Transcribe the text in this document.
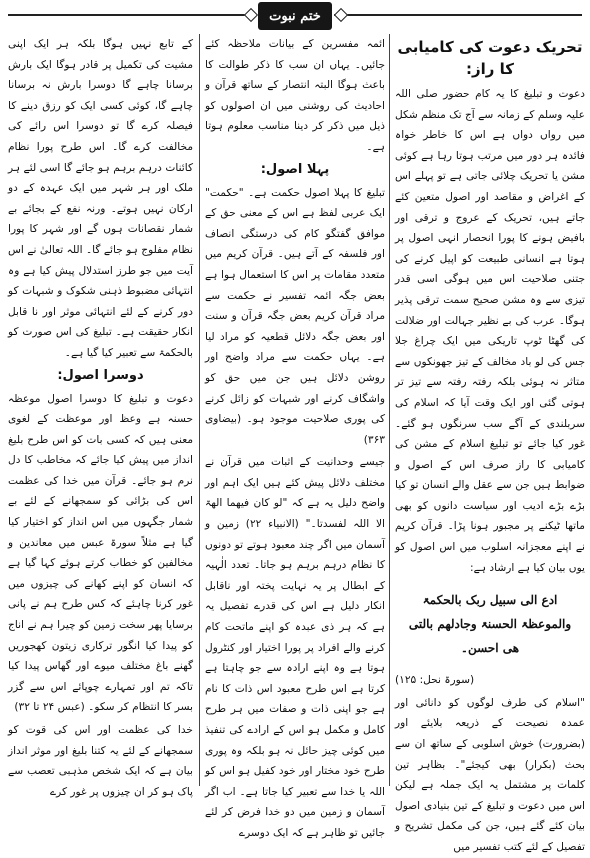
ختم نبوت
تحریک دعوت کی کامیابی کا راز:

دعوت و تبلیغ کا یہ کام حضور صلی اللہ علیہ وسلم کے زمانہ سے آج تک منظم شکل میں رواں دواں ہے اس کا خاطر خواہ فائدہ ہر دور میں مرتب ہوتا رہا ہے کوئی مشن یا تحریک چلائی جاتی ہے تو پہلے اس کے اغراض و مقاصد اور اصول متعین کئے جاتے ہیں، تحریک کے عروج و ترقی اور بافیض ہونے کا پورا انحصار انہی اصول پر ہوتا ہے انسانی طبیعت کو اپیل کرنے کی جتنی صلاحیت اس میں ہوگی اسی قدر تیزی سے وہ مشن صحیح سمت ترقی پذیر ہوگا۔ عرب کی بے نظیر جہالت اور ضلالت کی گھٹا ٹوپ تاریکی میں ایک چراغ جلا جس کی لو باد مخالف کے تیز جھونکوں سے متاثر نہ ہوئی بلکہ رفتہ رفتہ سے تیز تر ہوتی گئی اور ایک وقت آیا کہ اسلام کی سربلندی کے آگے سب سرنگوں ہو گئے۔ غور کیا جائے تو تبلیغ اسلام کے مشن کی کامیابی کا راز صرف اس کے اصول و ضوابط ہیں جن سے عقل والے انسان تو کیا بڑے بڑے ادیب اور سیاست دانوں کو بھی ماتھا ٹیکنے پر مجبور ہونا پڑا۔ قرآن کریم نے اپنے معجزانہ اسلوب میں اس اصول کو یوں بیان کیا ہے ارشاد ہے:

ادع الی سبیل ربک بالحکمۃ والموعظۃ الحسنۃ وجادلھم بالتی ھی احسن۔

(سورۃ نحل: ۱۲۵)

"اسلام کی طرف لوگوں کو دانائی اور عمدہ نصیحت کے ذریعہ بلایئے اور (بضرورت) خوش اسلوبی کے ساتھ ان سے بحث (بکرار) بھی کیجئے"۔ بظاہر تین کلمات پر مشتمل یہ ایک جملہ ہے لیکن اس میں دعوت و تبلیغ کے تین بنیادی اصول بیان کئے گئے ہیں، جن کی مکمل تشریح و تفصیل کے لئے کتب تفسیر میں

ائمہ مفسرین کے بیانات ملاحظہ کئے جائیں۔ یہاں ان سب کا ذکر طوالت کا باعث ہوگا البتہ انتصار کے ساتھ قرآن و احادیث کی روشنی میں ان اصولوں کو ذیل میں ذکر کر دینا مناسب معلوم ہوتا ہے۔

پہلا اصول:

تبلیغ کا پہلا اصول حکمت ہے۔ "حکمت" ایک عربی لفظ ہے اس کے معنی حق کے موافق گفتگو کام کی درستگی انصاف اور فلسفہ کے آتے ہیں۔ قرآن کریم میں متعدد مقامات پر اس کا استعمال ہوا ہے بعض جگہ ائمہ تفسیر نے حکمت سے مراد قرآن کریم بعض جگہ قرآن و سنت اور بعض جگہ دلائل قطعیہ کو مراد لیا ہے۔ یہاں حکمت سے مراد واضح اور روشن دلائل ہیں جن میں حق کو واشگاف کرنے اور شبہات کو زائل کرنے کی پوری صلاحیت موجود ہو۔ (بیضاوی ۳۶۳)

جیسے وحدانیت کے اثبات میں قرآن نے مختلف دلائل پیش کئے ہیں ایک اہم اور واضح دلیل یہ ہے کہ "لو کان فیھما الھۃ الا اللہ لفسدتا۔" (الانبیاء ۲۲) زمین و آسمان میں اگر چند معبود ہوتے تو دونوں کا نظام درہم برہم ہو جاتا۔ تعدد الٰہیہ کے ابطال پر یہ نہایت پختہ اور ناقابل انکار دلیل ہے اس کی قدرے تفصیل یہ ہے کہ ہر ذی عبدہ کو اپنے ماتحت کام کرنے والے افراد پر پورا اختیار اور کنٹرول ہوتا ہے وہ اپنے ارادہ سے جو چاہتا ہے کرتا ہے اس طرح معبود اس ذات کا نام ہے جو اپنی ذات و صفات میں ہر طرح کامل و مکمل ہو اس کے ارادے کی تنفیذ میں کوئی چیز حائل نہ ہو بلکہ وہ پوری طرح خود مختار اور خود کفیل ہو اس کو اللہ یا خدا سے تعبیر کیا جاتا ہے۔ اب اگر آسمان و زمین میں دو خدا فرض کر لئے جائیں تو ظاہر ہے کہ ایک دوسرے

کے تابع نہیں ہوگا بلکہ ہر ایک اپنی مشیت کی تکمیل پر قادر ہوگا ایک بارش برسانا چاہے گا دوسرا بارش نہ برسانا چاہے گا، کوئی کسی ایک کو رزق دینے کا فیصلہ کرے گا تو دوسرا اس رائے کی مخالفت کرے گا۔ اس طرح پورا نظام کائنات درہم برہم ہو جائے گا اسی لئے ہر ملک اور ہر شہر میں ایک عہدہ کے دو ارکان نہیں ہوتے۔ ورنہ نفع کے بجائے بے شمار نقصانات ہوں گے اور شہر کا پورا نظام مفلوج ہو جائے گا۔ اللہ تعالیٰ نے اس آیت میں جو طرز استدلال پیش کیا ہے وہ انتہائی مضبوط ذہنی شکوک و شبہات کو دور کرنے کے لئے انتہائی موثر اور نا قابل انکار حقیقت ہے۔ تبلیغ کی اس صورت کو بالحکمۃ سے تعبیر کیا گیا ہے۔

دوسرا اصول:

دعوت و تبلیغ کا دوسرا اصول موعظہ حسنہ ہے وعظ اور موعظت کے لغوی معنی ہیں کہ کسی بات کو اس طرح بلیغ انداز میں پیش کیا جائے کہ مخاطب کا دل نرم ہو جائے۔ قرآن میں خدا کی عظمت اس کی بڑائی کو سمجھانے کے لئے بے شمار جگہوں میں اس انداز کو اختیار کیا گیا ہے مثلاً سورۃ عبس میں معاندین و مخالفین کو خطاب کرتے ہوئے کہا گیا ہے کہ انسان کو اپنے کھانے کی چیزوں میں غور کرنا چاہئے کہ کس طرح ہم نے پانی برسایا پھر سخت زمین کو چیرا ہم نے اناج کو پیدا کیا انگور ترکاری زیتون کھجوریں گھنے باغ مختلف میوے اور گھاس پیدا کیا تاکہ تم اور تمہارے چوپائے اس سے گزر بسر کا انتظام کر سکو۔ (عبس ۲۴ تا ۳۲)

خدا کی عظمت اور اس کی قوت کو سمجھانے کے لئے یہ کتنا بلیغ اور موثر انداز بیان ہے کہ ایک شخص مذہبی تعصب سے پاک ہو کر ان چیزوں پر غور کرے
